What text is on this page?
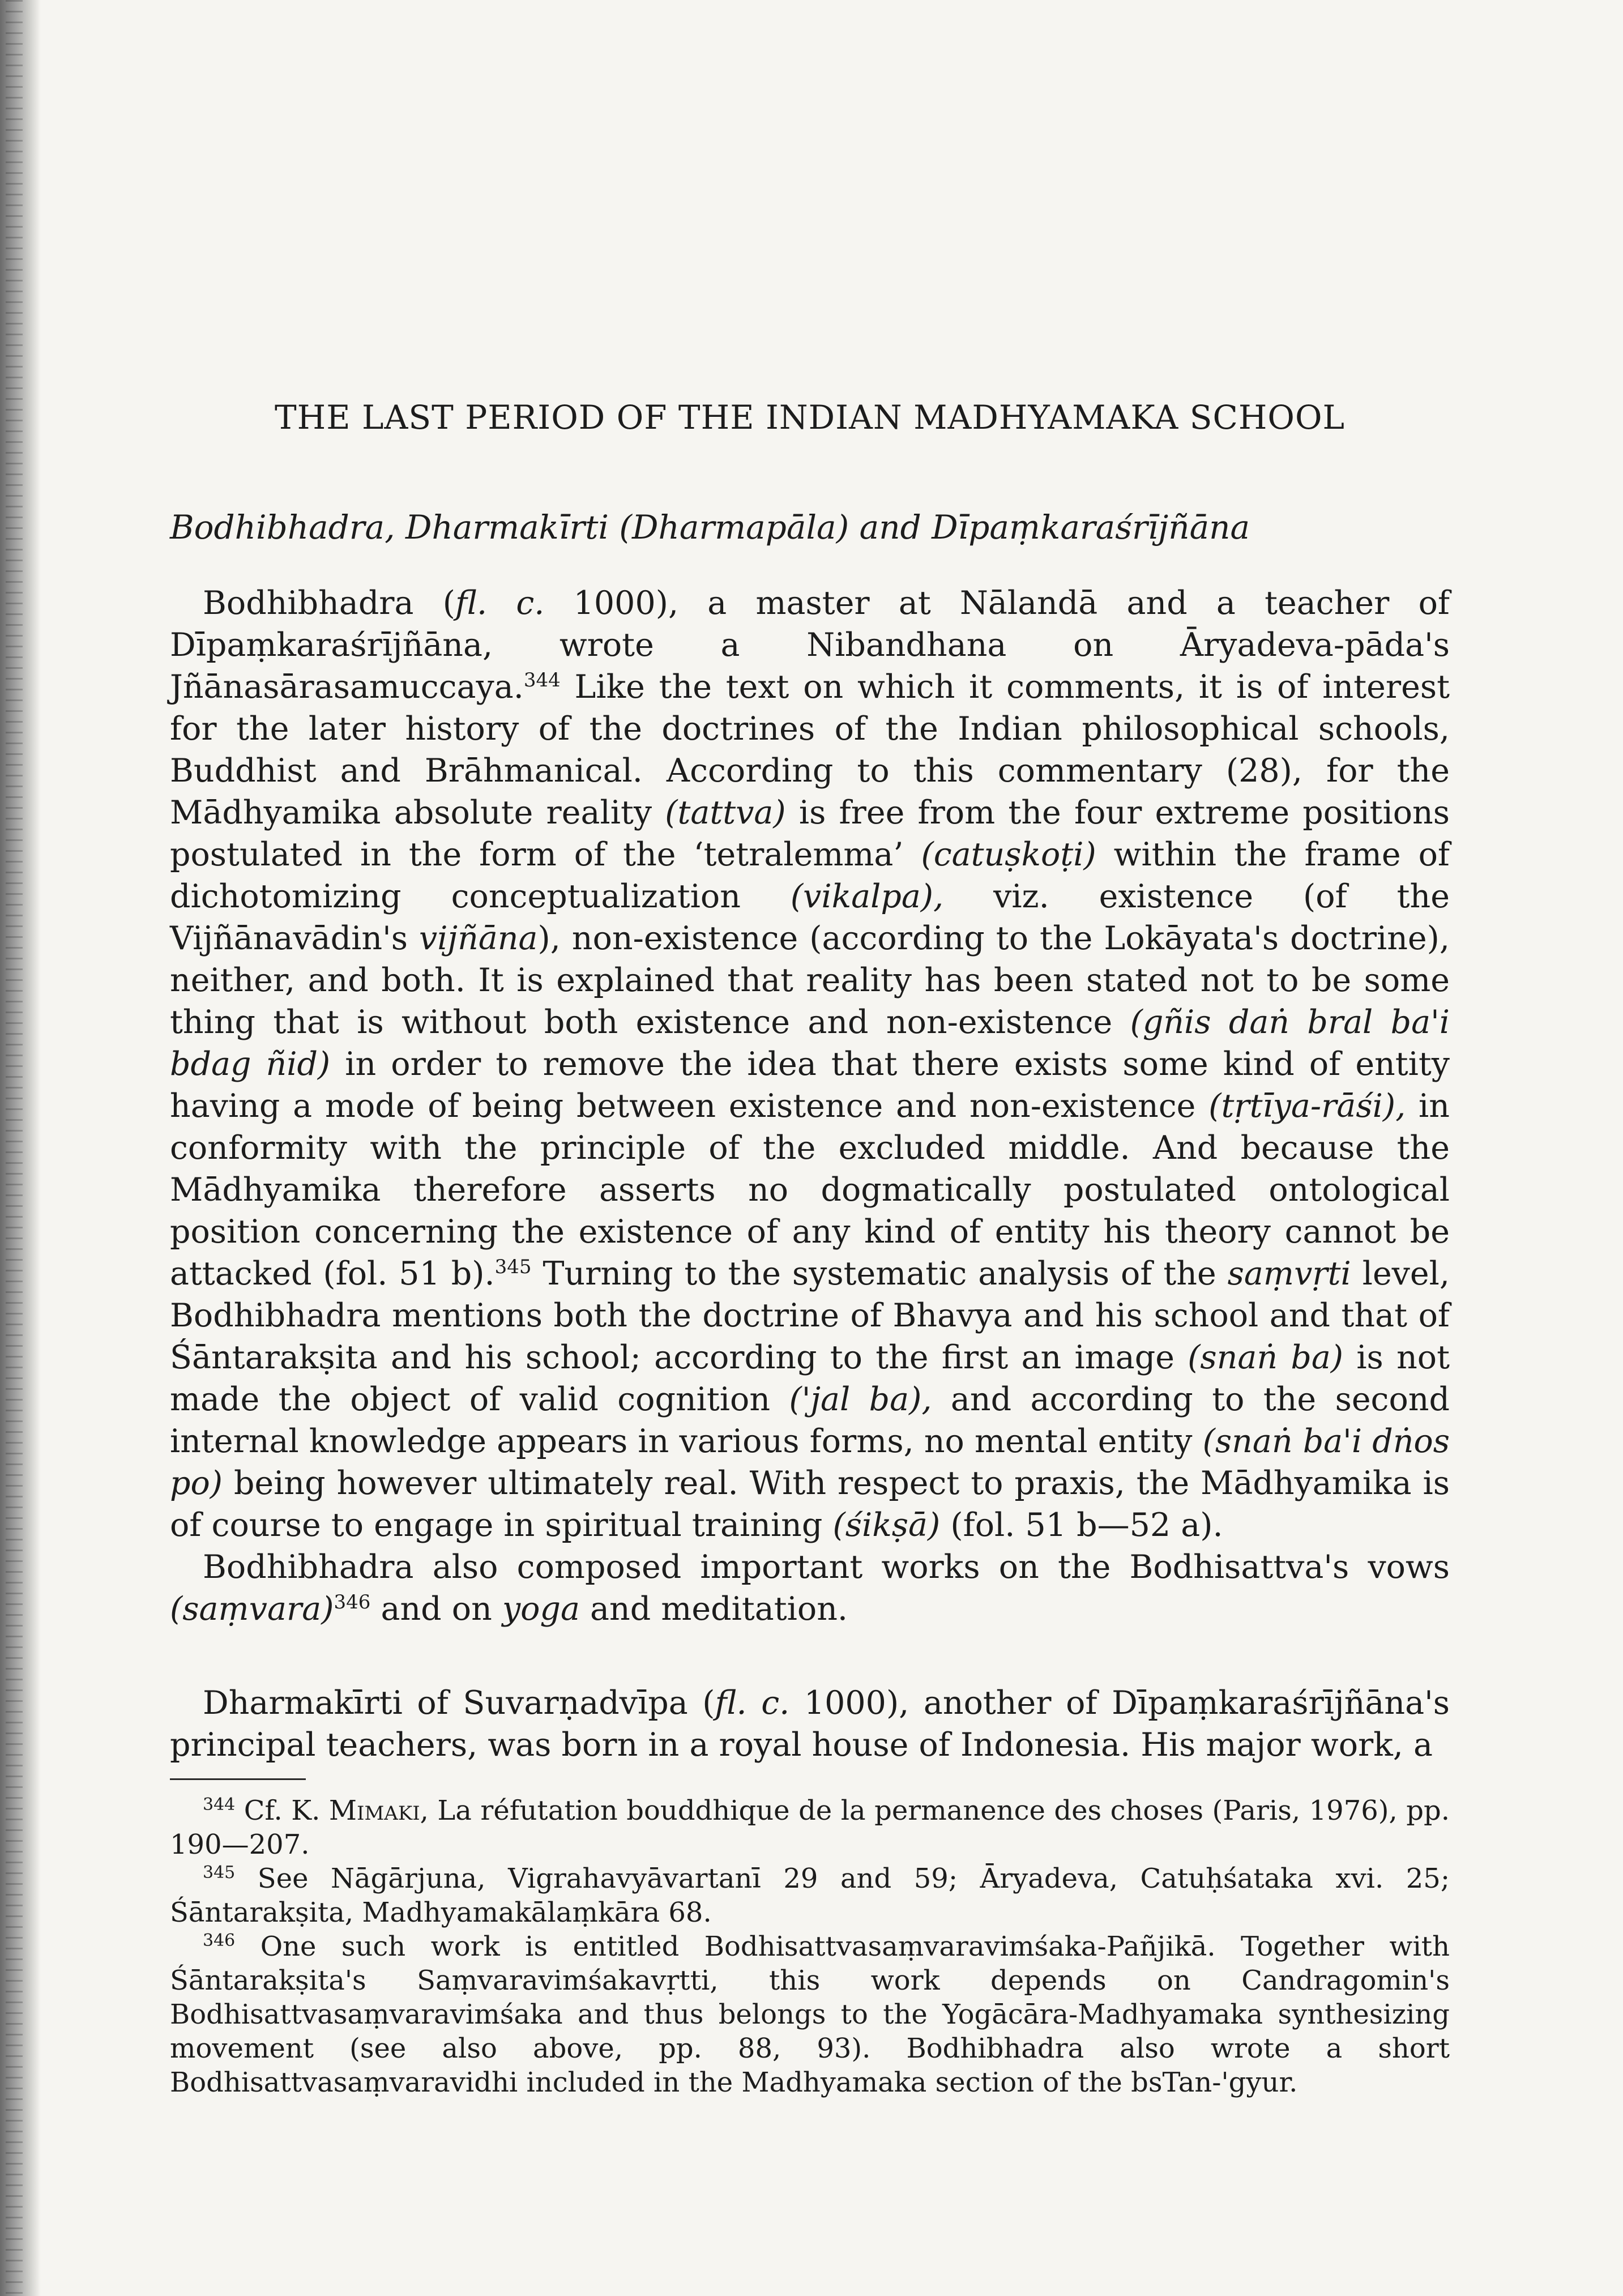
THE LAST PERIOD OF THE INDIAN MADHYAMAKA SCHOOL
Bodhibhadra, Dharmakīrti (Dharmapāla) and Dīpaṃkaraśrījñāna

Bodhibhadra (fl. c. 1000), a master at Nālandā and a teacher of Dīpaṃkaraśrījñāna, wrote a Nibandhana on Āryadeva-pāda's Jñānasārasamuccaya.$^{344}$ Like the text on which it comments, it is of interest for the later history of the doctrines of the Indian philosophical schools, Buddhist and Brāhmanical. According to this commentary (28), for the Mādhyamika absolute reality (tattva) is free from the four extreme positions postulated in the form of the ‘tetralemma’ (catuṣkoṭi) within the frame of dichotomizing conceptualization (vikalpa), viz. existence (of the Vijñānavādin's vijñāna), non-existence (according to the Lokāyata's doctrine), neither, and both. It is explained that reality has been stated not to be some thing that is without both existence and non-existence (gñis daṅ bral ba'i bdag ñid) in order to remove the idea that there exists some kind of entity having a mode of being between existence and non-existence (tṛtīya-rāśi), in conformity with the principle of the excluded middle. And because the Mādhyamika therefore asserts no dogmatically postulated ontological position concerning the existence of any kind of entity his theory cannot be attacked (fol. 51 b).$^{345}$ Turning to the systematic analysis of the saṃvṛti level, Bodhibhadra mentions both the doctrine of Bhavya and his school and that of Śāntarakṣita and his school; according to the first an image (snaṅ ba) is not made the object of valid cognition ('jal ba), and according to the second internal knowledge appears in various forms, no mental entity (snaṅ ba'i dṅos po) being however ultimately real. With respect to praxis, the Mādhyamika is of course to engage in spiritual training (śikṣā) (fol. 51 b—52 a).

Bodhibhadra also composed important works on the Bodhisattva's vows (saṃvara)$^{346}$ and on yoga and meditation.

Dharmakīrti of Suvarṇadvīpa (fl. c. 1000), another of Dīpaṃkaraśrījñāna's principal teachers, was born in a royal house of Indonesia. His major work, a

$^{344}$ Cf. K. Mimaki, La réfutation bouddhique de la permanence des choses (Paris, 1976), pp. 190—207.

$^{345}$ See Nāgārjuna, Vigrahavyāvartanī 29 and 59; Āryadeva, Catuḥśataka xvi. 25; Śāntarakṣita, Madhyamakālaṃkāra 68.

$^{346}$ One such work is entitled Bodhisattvasaṃvaravimśaka-Pañjikā. Together with Śāntarakṣita's Saṃvaravimśakavṛtti, this work depends on Candragomin's Bodhisattvasaṃvaravimśaka and thus belongs to the Yogācāra-Madhyamaka synthesizing movement (see also above, pp. 88, 93). Bodhibhadra also wrote a short Bodhisattvasaṃvaravidhi included in the Madhyamaka section of the bsTan-'gyur.
